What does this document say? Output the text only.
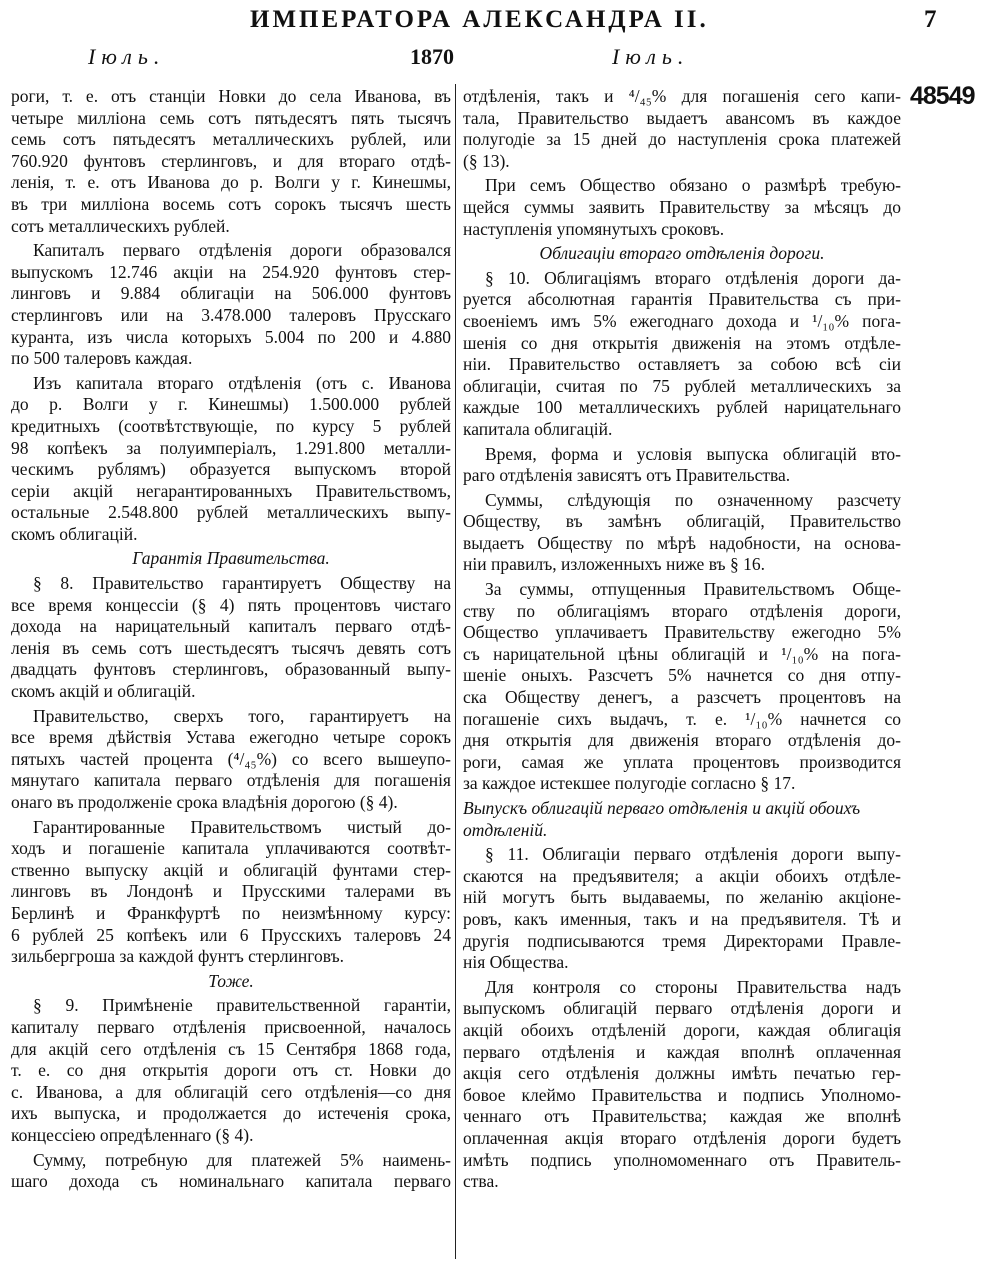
ИМПЕРАТОРА АЛЕКСАНДРА II.	7
Іюль.	1870	Іюль.
48549
роги, т. е. отъ станціи Новки до села Иванова, въ
четыре милліона семь сотъ пятьдесятъ пять тысячъ
семь сотъ пятьдесятъ металлическихъ рублей, или
760.920 фунтовъ стерлинговъ, и для втораго отдѣ-
ленія, т. е. отъ Иванова до р. Волги у г. Кинешмы,
въ три милліона восемь сотъ сорокъ тысячъ шесть
сотъ металлическихъ рублей.
Капиталъ перваго отдѣленія дороги образовался
выпускомъ 12.746 акціи на 254.920 фунтовъ стер-
линговъ и 9.884 облигаціи на 506.000 фунтовъ
стерлинговъ или на 3.478.000 талеровъ Прусскаго
куранта, изъ числа которыхъ 5.004 по 200 и 4.880
по 500 талеровъ каждая.
Изъ капитала втораго отдѣленія (отъ с. Иванова
до р. Волги у г. Кинешмы) 1.500.000 рублей
кредитныхъ (соотвѣтствующіе, по курсу 5 рублей
98 копѣекъ за полуимперіалъ, 1.291.800 металли-
ческимъ рублямъ) образуется выпускомъ второй
серіи акцій негарантированныхъ Правительствомъ,
остальные 2.548.800 рублей металлическихъ выпу-
скомъ облигацій.
Гарантія Правительства.
§ 8. Правительство гарантируетъ Обществу на
все время концессіи (§ 4) пять процентовъ чистаго
дохода на нарицательный капиталъ перваго отдѣ-
ленія въ семь сотъ шестьдесятъ тысячъ девять сотъ
двадцать фунтовъ стерлинговъ, образованный выпу-
скомъ акцій и облигацій.
Правительство, сверхъ того, гарантируетъ на
все время дѣйствія Устава ежегодно четыре сорокъ
пятыхъ частей процента (⁴/₄₅%) со всего вышеупо-
мянутаго капитала перваго отдѣленія для погашенія
онаго въ продолженіе срока владѣнія дорогою (§ 4).
Гарантированные Правительствомъ чистый до-
ходъ и погашеніе капитала уплачиваются соотвѣт-
ственно выпуску акцій и облигацій фунтами стер-
линговъ въ Лондонѣ и Прусскими талерами въ
Берлинѣ и Франкфуртѣ по неизмѣнному курсу:
6 рублей 25 копѣекъ или 6 Прусскихъ талеровъ 24
зильбергроша за каждой фунтъ стерлинговъ.
Тоже.
§ 9. Примѣненіе правительственной гарантіи,
капиталу перваго отдѣленія присвоенной, началось
для акцій сего отдѣленія съ 15 Сентября 1868 года,
т. е. со дня открытія дороги отъ ст. Новки до
с. Иванова, а для облигацій сего отдѣленія—со дня
ихъ выпуска, и продолжается до истеченія срока,
концессіею опредѣленнаго (§ 4).
Сумму, потребную для платежей 5% наимень-
шаго дохода съ номинальнаго капитала перваго
отдѣленія, такъ и ⁴/₄₅% для погашенія сего капи-
тала, Правительство выдаетъ авансомъ въ каждое
полугодіе за 15 дней до наступленія срока платежей
(§ 13).
При семъ Общество обязано о размѣрѣ требую-
щейся суммы заявить Правительству за мѣсяцъ до
наступленія упомянутыхъ сроковъ.
Облигаціи втораго отдѣленія дороги.
§ 10. Облигаціямъ втораго отдѣленія дороги да-
руется абсолютная гарантія Правительства съ при-
своеніемъ имъ 5% ежегоднаго дохода и ¹/₁₀% пога-
шенія со дня открытія движенія на этомъ отдѣле-
ніи. Правительство оставляетъ за собою всѣ сіи
облигаціи, считая по 75 рублей металлическихъ за
каждые 100 металлическихъ рублей нарицательнаго
капитала облигацій.
Время, форма и условія выпуска облигацій вто-
раго отдѣленія зависятъ отъ Правительства.
Суммы, слѣдующія по означенному разсчету
Обществу, въ замѣнъ облигацій, Правительство
выдаетъ Обществу по мѣрѣ надобности, на основа-
ніи правилъ, изложенныхъ ниже въ § 16.
За суммы, отпущенныя Правительствомъ Обще-
ству по облигаціямъ втораго отдѣленія дороги,
Общество уплачиваетъ Правительству ежегодно 5%
съ нарицательной цѣны облигацій и ¹/₁₀% на пога-
шеніе оныхъ. Разсчетъ 5% начнется со дня отпу-
ска Обществу денегъ, а разсчетъ процентовъ на
погашеніе сихъ выдачъ, т. е. ¹/₁₀% начнется со
дня открытія для движенія втораго отдѣленія до-
роги, самая же уплата процентовъ производится
за каждое истекшее полугодіе согласно § 17.
Выпускъ облигацій перваго отдѣленія и акцій обоихъ
отдѣленій.
§ 11. Облигаціи перваго отдѣленія дороги выпу-
скаются на предъявителя; а акціи обоихъ отдѣле-
ній могутъ быть выдаваемы, по желанію акціоне-
ровъ, какъ именныя, такъ и на предъявителя. Тѣ и
другія подписываются тремя Директорами Правле-
нія Общества.
Для контроля со стороны Правительства надъ
выпускомъ облигацій перваго отдѣленія дороги и
акцій обоихъ отдѣленій дороги, каждая облигація
перваго отдѣленія и каждая вполнѣ оплаченная
акція сего отдѣленія должны имѣть печатью гер-
бовое клеймо Правительства и подпись Уполномо-
ченнаго отъ Правительства; каждая же вполнѣ
оплаченная акція втораго отдѣленія дороги будетъ
имѣть подпись уполномоменнаго отъ Правитель-
ства.
